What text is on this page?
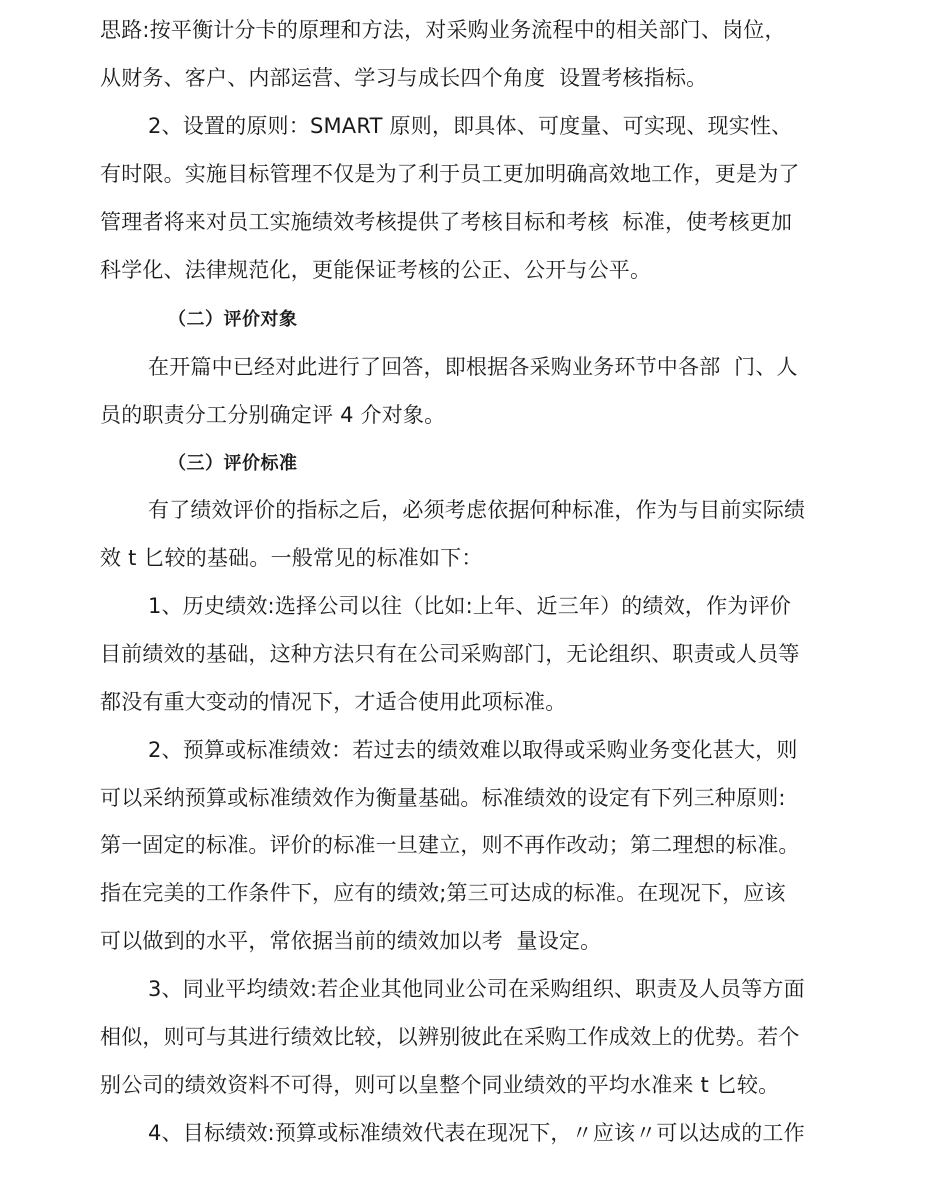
思路:按平衡计分卡的原理和方法，对采购业务流程中的相关部门、岗位，
从财务、客户、内部运营、学习与成长四个角度  设置考核指标。
2、设置的原则：SMART 原则，即具体、可度量、可实现、现实性、
有时限。实施目标管理不仅是为了利于员工更加明确高效地工作，更是为了
管理者将来对员工实施绩效考核提供了考核目标和考核  标准，使考核更加
科学化、法律规范化，更能保证考核的公正、公开与公平。
（二）评价对象
在开篇中已经对此进行了回答，即根据各采购业务环节中各部  门、人
员的职责分工分别确定评 4 介对象。
（三）评价标准
有了绩效评价的指标之后，必须考虑依据何种标准，作为与目前实际绩
效 t 匕较的基础。一般常见的标准如下：
1、历史绩效:选择公司以往（比如:上年、近三年）的绩效，作为评价
目前绩效的基础，这种方法只有在公司采购部门，无论组织、职责或人员等
都没有重大变动的情况下，才适合使用此项标准。
2、预算或标准绩效：若过去的绩效难以取得或采购业务变化甚大，则
可以采纳预算或标准绩效作为衡量基础。标准绩效的设定有下列三种原则:
第一固定的标准。评价的标准一旦建立，则不再作改动；第二理想的标准。
指在完美的工作条件下，应有的绩效;第三可达成的标准。在现况下，应该
可以做到的水平，常依据当前的绩效加以考  量设定。
3、同业平均绩效:若企业其他同业公司在采购组织、职责及人员等方面
相似，则可与其进行绩效比较，以辨别彼此在采购工作成效上的优势。若个
别公司的绩效资料不可得，则可以皇整个同业绩效的平均水准来 t 匕较。
4、目标绩效:预算或标准绩效代表在现况下，〃应该〃可以达成的工作
